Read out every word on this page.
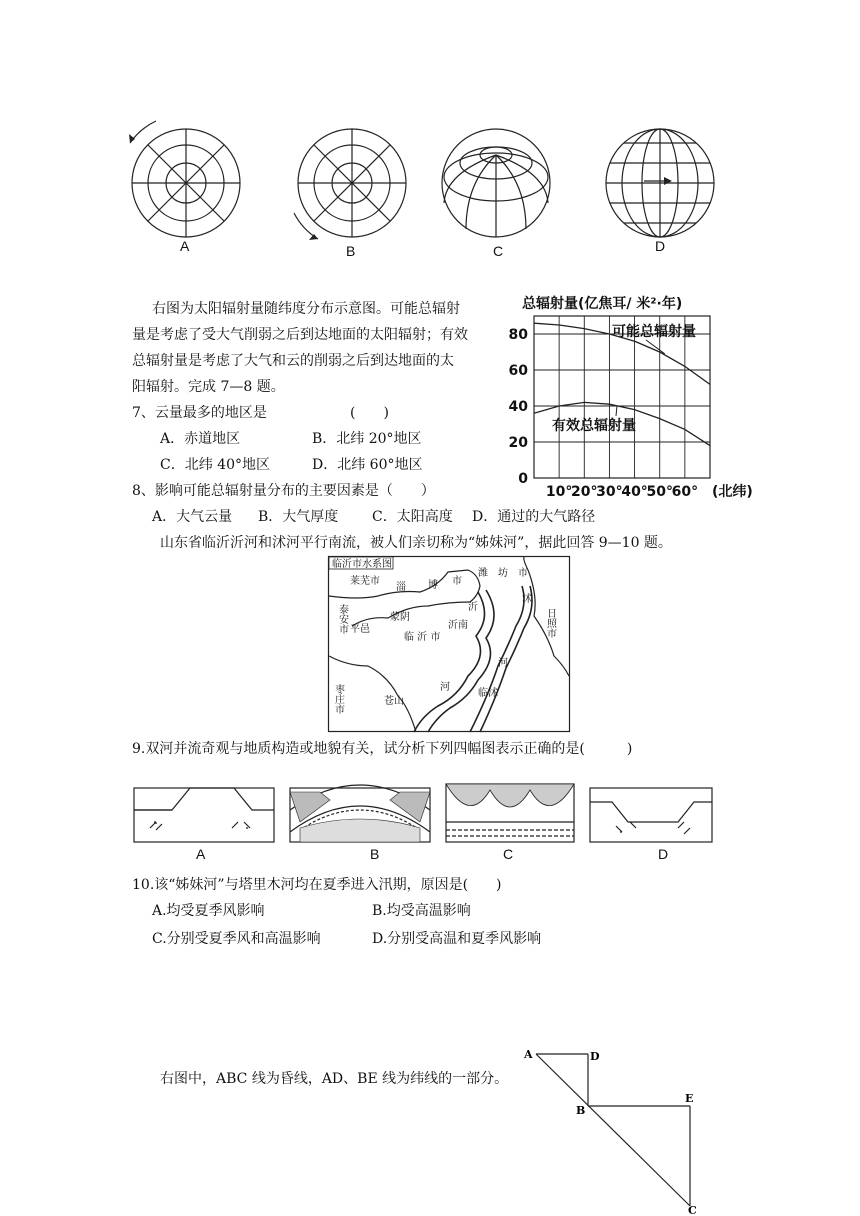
A	B	C	D
右图为太阳辐射量随纬度分布示意图。可能总辐射
量是考虑了受大气削弱之后到达地面的太阳辐射；有效
总辐射量是考虑了大气和云的削弱之后到达地面的太
阳辐射。完成 7—8 题。
7、云量最多的地区是	(　　)
A．赤道地区	B．北纬 20°地区
C．北纬 40°地区	D．北纬 60°地区
8、影响可能总辐射量分布的主要因素是（　　）
A．大气云量 B．大气厚度 C．太阳高度 D．通过的大气路径
0
20
40
60
80
10°
20°
30°
40°
50°
60° (北纬)
总辐射量(亿焦耳/ 米²·年)
可能总辐射量
有效总辐射量
山东省临沂沂河和沭河平行南流，被人们亲切称为“姊妹河”，据此回答 9—10 题。
临沂市水系图
莱芜市
淄 博 市
潍　坊　市
泰安市	蒙阴
沂
沭
日照市
平邑
临 沂 市
沂南
河
枣庄市	苍山
河
临沭
9.双河并流奇观与地质构造或地貌有关，试分析下列四幅图表示正确的是(　　　)
A	B	C	D
10.该“姊妹河”与塔里木河均在夏季进入汛期，原因是(　　)
A.均受夏季风影响	B.均受高温影响
C.分别受夏季风和高温影响	D.分别受高温和夏季风影响
右图中，ABC 线为昏线，AD、BE 线为纬线的一部分。
A	D
B
E
C
